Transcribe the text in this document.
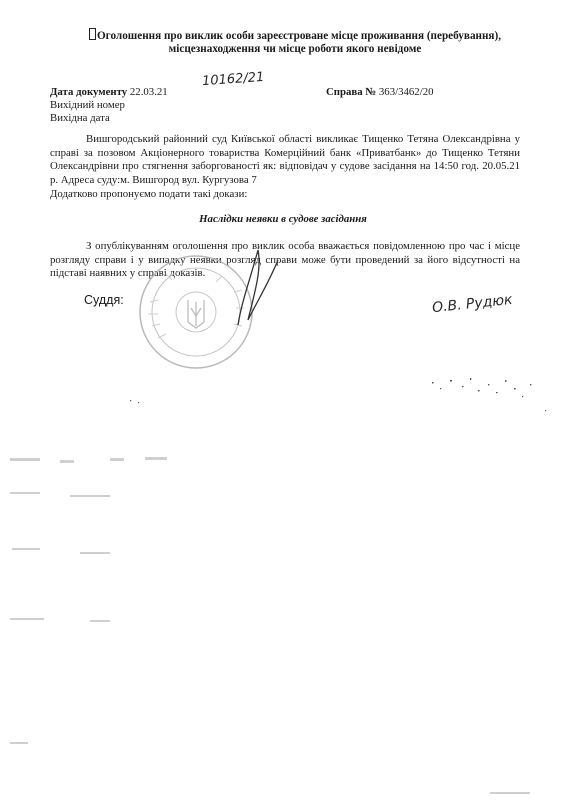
Оголошення про виклик особи зареєстроване місце проживання (перебування),
місцезнаходження чи місце роботи якого невідоме
Дата документу 22.03.21
Вихідний номер
Вихідна дата
10162/21
Справа № 363/3462/20
Вишгородський районний суд Київської області викликає Тищенко Тетяна Олександрівна у справі за позовом Акціонерного товариства Комерційний банк «Приватбанк» до Тищенко Тетяни Олександрівни про стягнення заборгованості як: відповідач у судове засідання на 14:50 год. 20.05.21 р. Адреса суду:м. Вишгород вул. Кургузова 7
Додатково пропонуємо подати такі докази:
Наслідки неявки в судове засідання
З опублікуванням оголошення про виклик особа вважається повідомленною про час і місце розгляду справи і у випадку неявки розгляд справи може бути проведений за його відсутності на підставі наявних у справі доказів.
Суддя:	О.В. Рудюк
